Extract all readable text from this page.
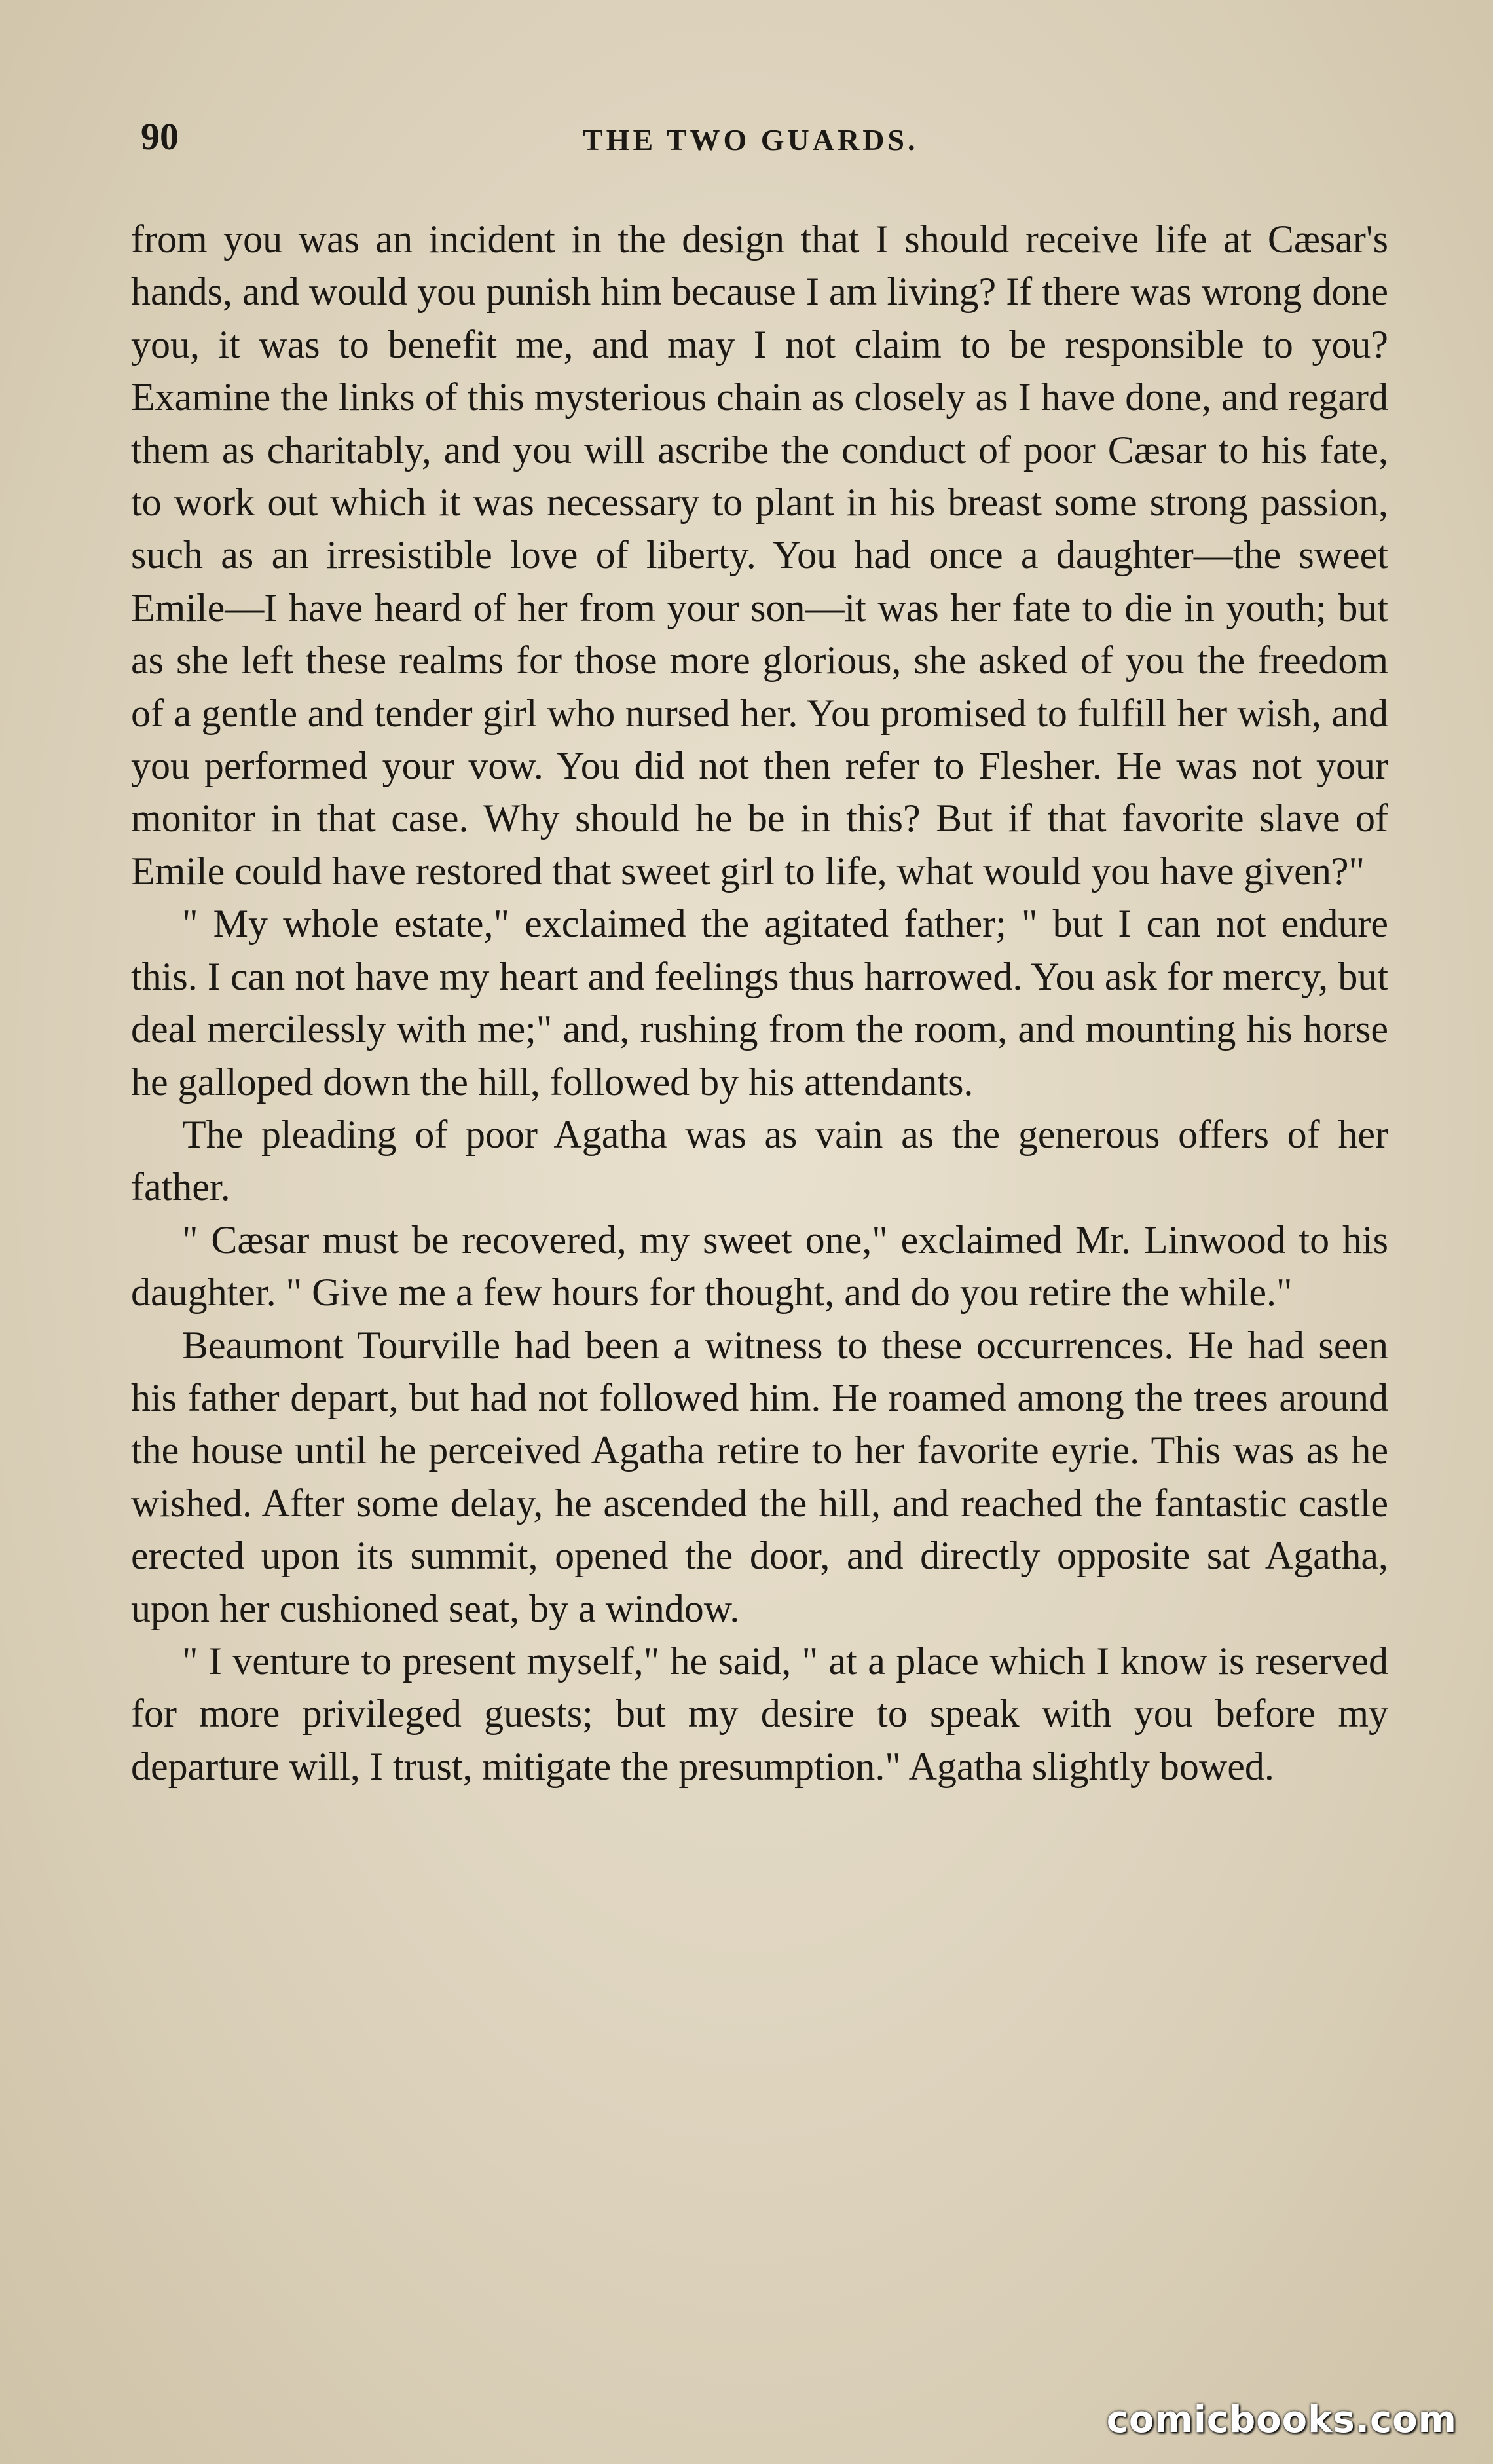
90	THE TWO GUARDS.

from you was an incident in the design that I should receive life at Cæsar's hands, and would you punish him because I am living? If there was wrong done you, it was to benefit me, and may I not claim to be responsible to you? Examine the links of this mysterious chain as closely as I have done, and regard them as charitably, and you will ascribe the conduct of poor Cæsar to his fate, to work out which it was necessary to plant in his breast some strong passion, such as an irresistible love of liberty. You had once a daughter—the sweet Emile—I have heard of her from your son—it was her fate to die in youth; but as she left these realms for those more glorious, she asked of you the freedom of a gentle and tender girl who nursed her. You promised to fulfill her wish, and you performed your vow. You did not then refer to Flesher. He was not your monitor in that case. Why should he be in this? But if that favorite slave of Emile could have restored that sweet girl to life, what would you have given?"

" My whole estate," exclaimed the agitated father; " but I can not endure this. I can not have my heart and feelings thus harrowed. You ask for mercy, but deal mercilessly with me;" and, rushing from the room, and mounting his horse he galloped down the hill, followed by his attendants.

The pleading of poor Agatha was as vain as the generous offers of her father.

" Cæsar must be recovered, my sweet one," exclaimed Mr. Linwood to his daughter. " Give me a few hours for thought, and do you retire the while."

Beaumont Tourville had been a witness to these occurrences. He had seen his father depart, but had not followed him. He roamed among the trees around the house until he perceived Agatha retire to her favorite eyrie. This was as he wished. After some delay, he ascended the hill, and reached the fantastic castle erected upon its summit, opened the door, and directly opposite sat Agatha, upon her cushioned seat, by a window.

" I venture to present myself," he said, " at a place which I know is reserved for more privileged guests; but my desire to speak with you before my departure will, I trust, mitigate the presumption." Agatha slightly bowed.

comicbooks.com
